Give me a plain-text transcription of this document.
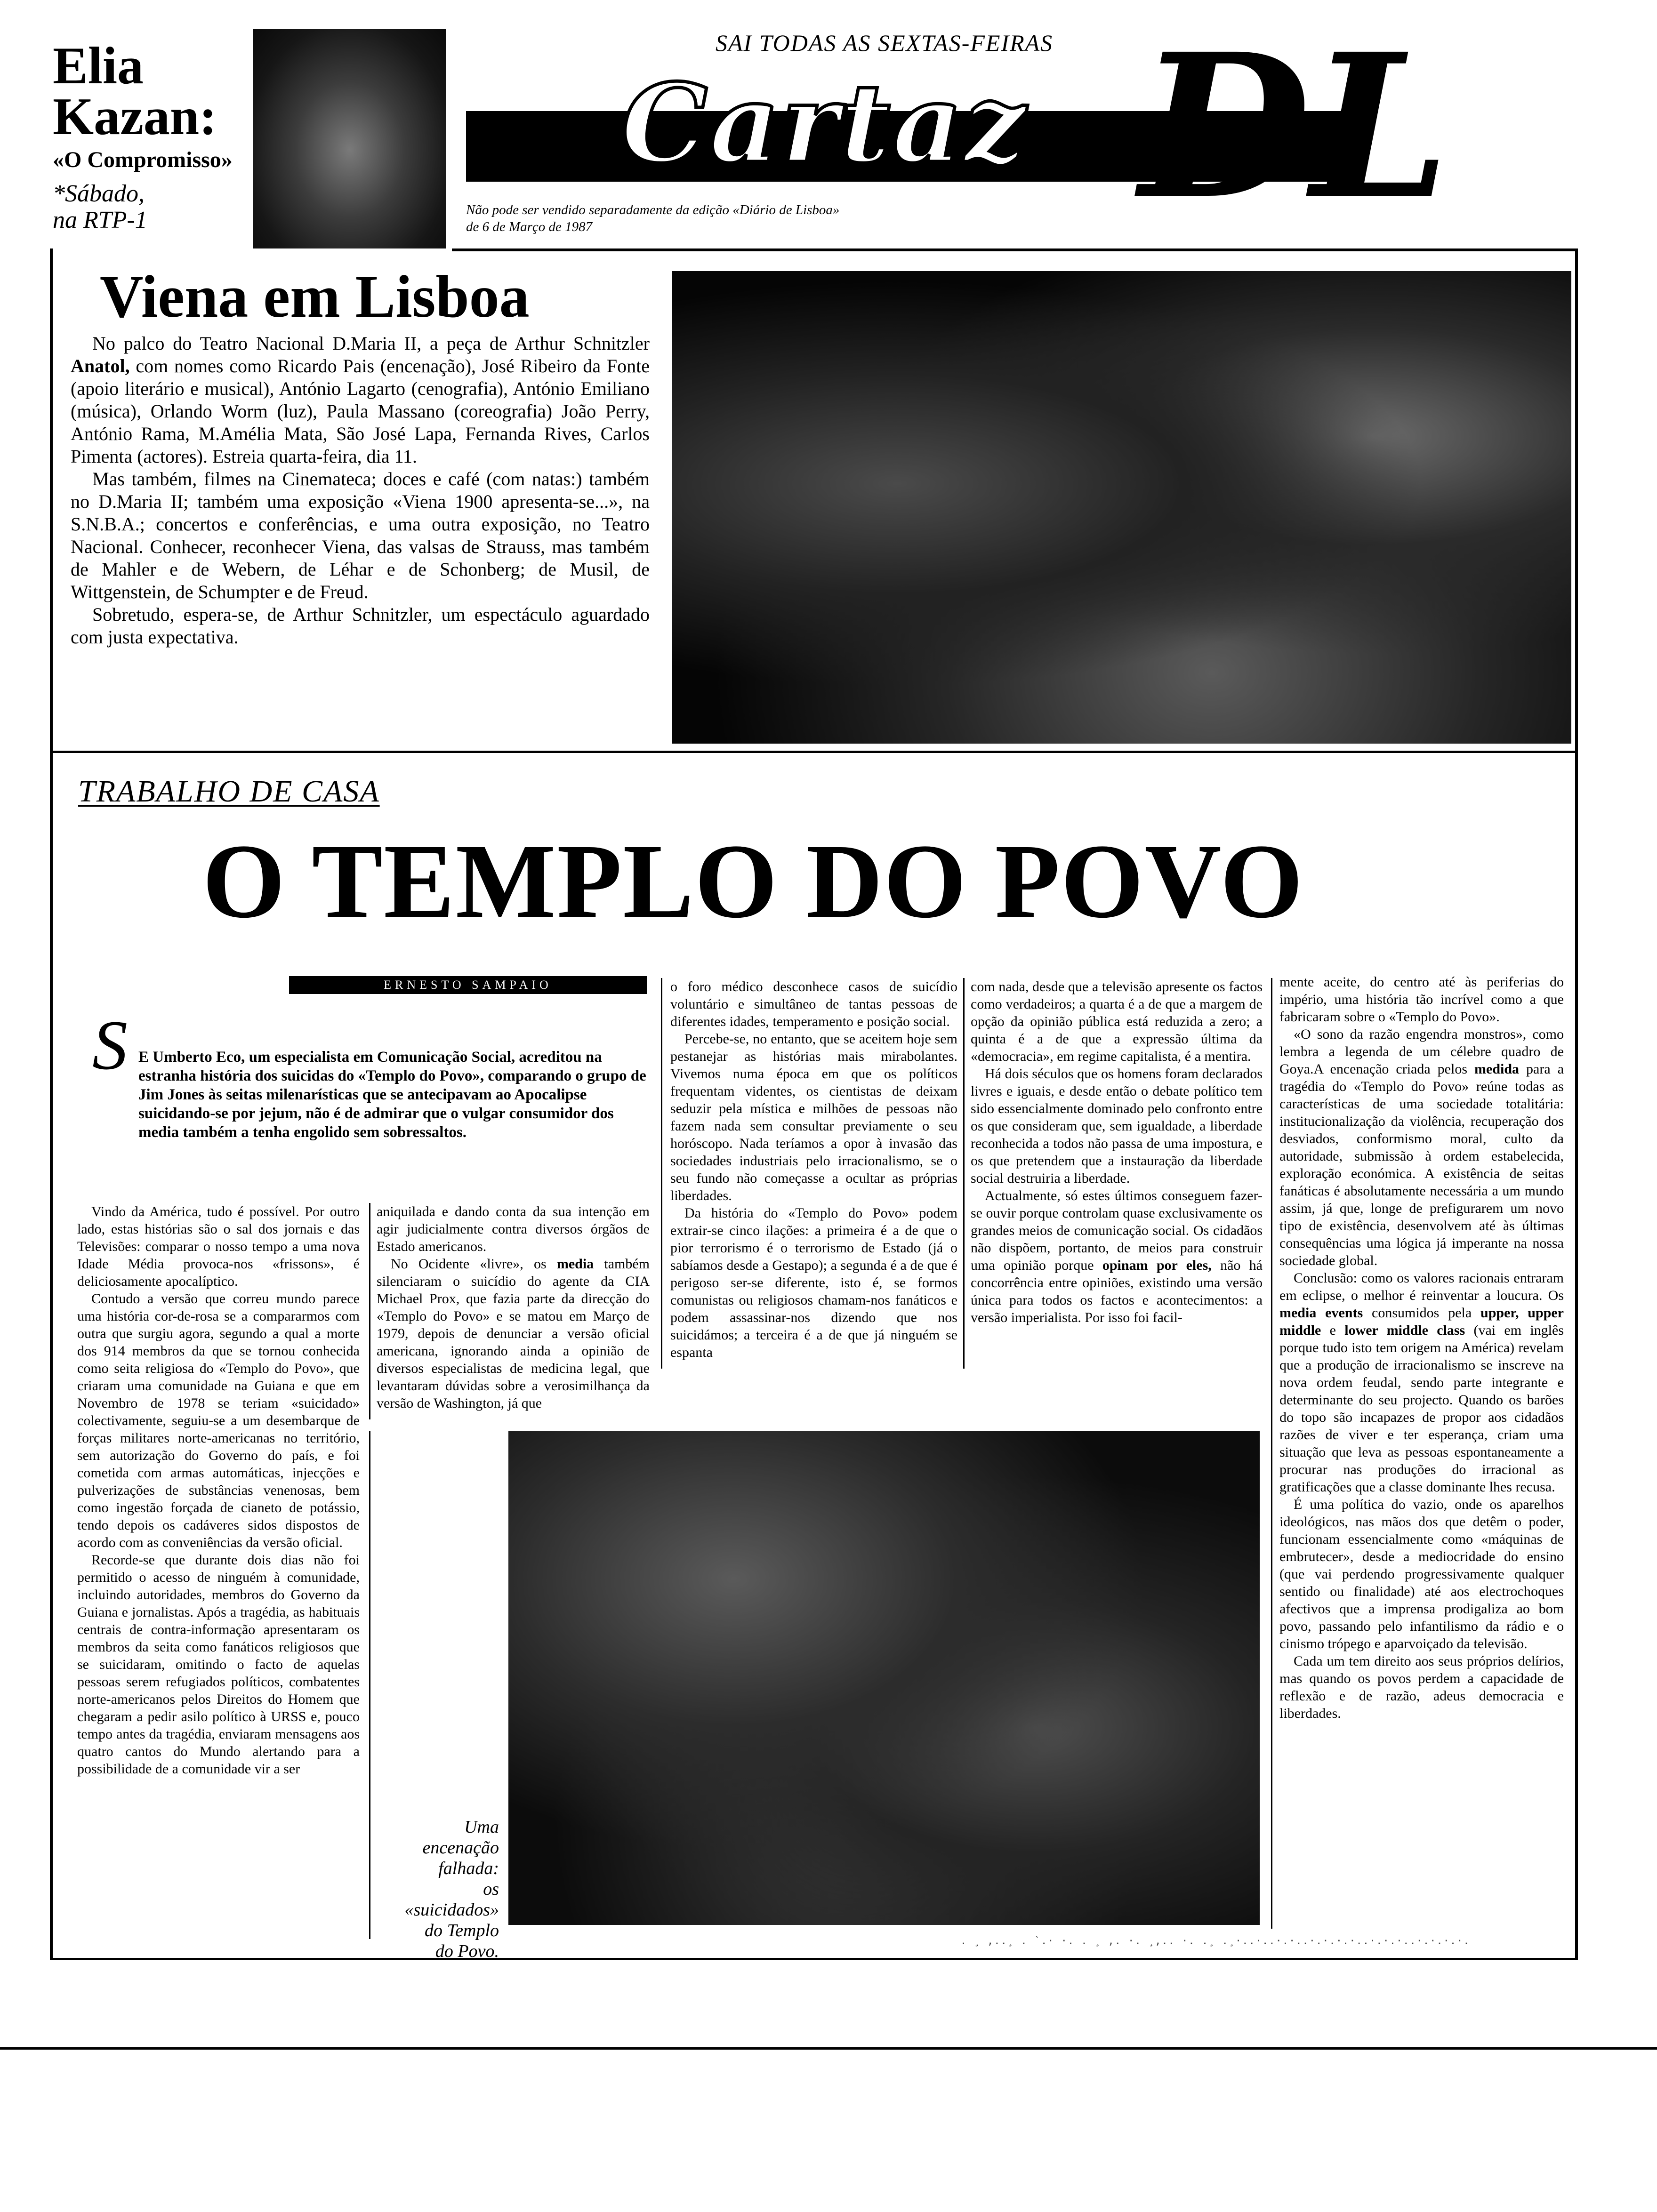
Elia
Kazan:
«O Compromisso»
*Sábado,
na RTP-1
SAI TODAS AS SEXTAS-FEIRAS
Cartaz DL
Não pode ser vendido separadamente da edição «Diário de Lisboa»
de 6 de Março de 1987
Viena em Lisboa

No palco do Teatro Nacional D.Maria II, a peça de Arthur Schnitzler Anatol, com nomes como Ricardo Pais (encenação), José Ribeiro da Fonte (apoio literário e musical), António Lagarto (cenografia), António Emiliano (música), Orlando Worm (luz), Paula Massano (coreografia) João Perry, António Rama, M.Amélia Mata, São José Lapa, Fernanda Rives, Carlos Pimenta (actores). Estreia quarta-feira, dia 11.

Mas também, filmes na Cinemateca; doces e café (com natas:) também no D.Maria II; também uma exposição «Viena 1900 apresenta-se...», na S.N.B.A.; concertos e conferências, e uma outra exposição, no Teatro Nacional. Conhecer, reconhecer Viena, das valsas de Strauss, mas também de Mahler e de Webern, de Léhar e de Schonberg; de Musil, de Wittgenstein, de Schumpter e de Freud.

Sobretudo, espera-se, de Arthur Schnitzler, um espectáculo aguardado com justa expectativa.

TRABALHO DE CASA
O TEMPLO DO POVO
ERNESTO SAMPAIO
S E Umberto Eco, um especialista em Comunicação Social, acreditou na estranha história dos suicidas do «Templo do Povo», comparando o grupo de Jim Jones às seitas milenarísticas que se antecipavam ao Apocalipse suicidando-se por jejum, não é de admirar que o vulgar consumidor dos media também a tenha engolido sem sobressaltos.

Vindo da América, tudo é possível. Por outro lado, estas histórias são o sal dos jornais e das Televisões: comparar o nosso tempo a uma nova Idade Média provoca-nos «frissons», é deliciosamente apocalíptico.

Contudo a versão que correu mundo parece uma história cor-de-rosa se a compararmos com outra que surgiu agora, segundo a qual a morte dos 914 membros da que se tornou conhecida como seita religiosa do «Templo do Povo», que criaram uma comunidade na Guiana e que em Novembro de 1978 se teriam «suicidado» colectivamente, seguiu-se a um desembarque de forças militares norte-americanas no território, sem autorização do Governo do país, e foi cometida com armas automáticas, injecções e pulverizações de substâncias venenosas, bem como ingestão forçada de cianeto de potássio, tendo depois os cadáveres sidos dispostos de acordo com as conveniências da versão oficial.

Recorde-se que durante dois dias não foi permitido o acesso de ninguém à comunidade, incluindo autoridades, membros do Governo da Guiana e jornalistas. Após a tragédia, as habituais centrais de contra-informação apresentaram os membros da seita como fanáticos religiosos que se suicidaram, omitindo o facto de aquelas pessoas serem refugiados políticos, combatentes norte-americanos pelos Direitos do Homem que chegaram a pedir asilo político à URSS e, pouco tempo antes da tragédia, enviaram mensagens aos quatro cantos do Mundo alertando para a possibilidade de a comunidade vir a ser

aniquilada e dando conta da sua intenção em agir judicialmente contra diversos órgãos de Estado americanos.

No Ocidente «livre», os media também silenciaram o suicídio do agente da CIA Michael Prox, que fazia parte da direcção do «Templo do Povo» e se matou em Março de 1979, depois de denunciar a versão oficial americana, ignorando ainda a opinião de diversos especialistas de medicina legal, que levantaram dúvidas sobre a verosimilhança da versão de Washington, já que

o foro médico desconhece casos de suicídio voluntário e simultâneo de tantas pessoas de diferentes idades, temperamento e posição social.

Percebe-se, no entanto, que se aceitem hoje sem pestanejar as histórias mais mirabolantes. Vivemos numa época em que os políticos frequentam videntes, os cientistas de deixam seduzir pela mística e milhões de pessoas não fazem nada sem consultar previamente o seu horóscopo. Nada teríamos a opor à invasão das sociedades industriais pelo irracionalismo, se o seu fundo não começasse a ocultar as próprias liberdades.

Da história do «Templo do Povo» podem extrair-se cinco ilações: a primeira é a de que o pior terrorismo é o terrorismo de Estado (já o sabíamos desde a Gestapo); a segunda é a de que é perigoso ser-se diferente, isto é, se formos comunistas ou religiosos chamam-nos fanáticos e podem assassinar-nos dizendo que nos suicidámos; a terceira é a de que já ninguém se espanta

com nada, desde que a televisão apresente os factos como verdadeiros; a quarta é a de que a margem de opção da opinião pública está reduzida a zero; a quinta é a de que a expressão última da «democracia», em regime capitalista, é a mentira.

Há dois séculos que os homens foram declarados livres e iguais, e desde então o debate político tem sido essencialmente dominado pelo confronto entre os que consideram que, sem igualdade, a liberdade reconhecida a todos não passa de uma impostura, e os que pretendem que a instauração da liberdade social destruiria a liberdade.

Actualmente, só estes últimos conseguem fazer-se ouvir porque controlam quase exclusivamente os grandes meios de comunicação social. Os cidadãos não dispõem, portanto, de meios para construir uma opinião porque opinam por eles, não há concorrência entre opiniões, existindo uma versão única para todos os factos e acontecimentos: a versão imperialista. Por isso foi facil-

mente aceite, do centro até às periferias do império, uma história tão incrível como a que fabricaram sobre o «Templo do Povo».

«O sono da razão engendra monstros», como lembra a legenda de um célebre quadro de Goya.A encenação criada pelos medida para a tragédia do «Templo do Povo» reúne todas as características de uma sociedade totalitária: institucionalização da violência, recuperação dos desviados, conformismo moral, culto da autoridade, submissão à ordem estabelecida, exploração económica. A existência de seitas fanáticas é absolutamente necessária a um mundo assim, já que, longe de prefigurarem um novo tipo de existência, desenvolvem até às últimas consequências uma lógica já imperante na nossa sociedade global.

Conclusão: como os valores racionais entraram em eclipse, o melhor é reinventar a loucura. Os media events consumidos pela upper, upper middle e lower middle class (vai em inglês porque tudo isto tem origem na América) revelam que a produção de irracionalismo se inscreve na nova ordem feudal, sendo parte integrante e determinante do seu projecto. Quando os barões do topo são incapazes de propor aos cidadãos razões de viver e ter esperança, criam uma situação que leva as pessoas espontaneamente a procurar nas produções do irracional as gratificações que a classe dominante lhes recusa.

É uma política do vazio, onde os aparelhos ideológicos, nas mãos dos que detêm o poder, funcionam essencialmente como «máquinas de embrutecer», desde a mediocridade do ensino (que vai perdendo progressivamente qualquer sentido ou finalidade) até aos electrochoques afectivos que a imprensa prodigaliza ao bom povo, passando pelo infantilismo da rádio e o cinismo trópego e aparvoiçado da televisão.

Cada um tem direito aos seus próprios delírios, mas quando os povos perdem a capacidade de reflexão e de razão, adeus democracia e liberdades.

Uma
encenação
falhada:
os
«suicidados»
do Templo
do Povo.
. ¸ ,..¸ . `.· ·. . ¸ ,. ·. ¸,.. ·. .¸ .¸·..·..·.·..·.·.·.·..·.·.·..·.·.·.·.
